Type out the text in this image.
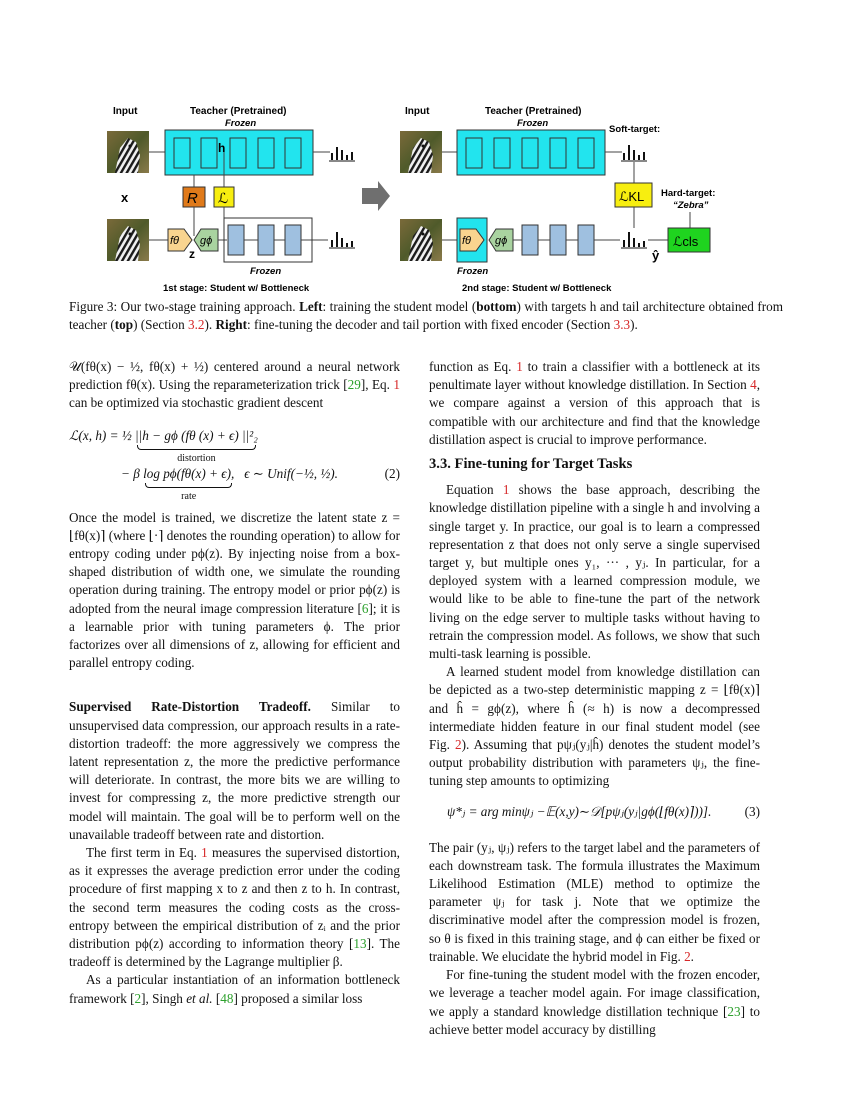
Input	Teacher (Pretrained)
Frozen
h
x	R ℒ
fθ gϕ
z
Frozen
1st stage: Student w/ Bottleneck
Input	Teacher (Pretrained)
Frozen
Soft-target:
ℒKL Hard-target:
“Zebra”
fθ gϕ
ŷ
ℒcls
Frozen
2nd stage: Student w/ Bottleneck
Figure 3: Our two-stage training approach. Left: training the student model (bottom) with targets h and tail architecture obtained from teacher (top) (Section 3.2). Right: fine-tuning the decoder and tail portion with fixed encoder (Section 3.3).

𝒰(fθ(x) − ½, fθ(x) + ½) centered around a neural network prediction fθ(x). Using the reparameterization trick [29], Eq. 1 can be optimized via stochastic gradient descent

ℒ(x, h) = ½ ||h − gϕ (fθ (x) + ϵ) ||²₂
distortion
− β log pϕ(fθ(x) + ϵ),
rate
ϵ ∼ Unif(−½, ½).	(2)

Once the model is trained, we discretize the latent state z = ⌊fθ(x)⌉ (where ⌊·⌉ denotes the rounding operation) to allow for entropy coding under pϕ(z). By injecting noise from a box-shaped distribution of width one, we simulate the rounding operation during training. The entropy model or prior pϕ(z) is adopted from the neural image compression literature [6]; it is a learnable prior with tuning parameters ϕ. The prior factorizes over all dimensions of z, allowing for efficient and parallel entropy coding.

Supervised Rate-Distortion Tradeoff. Similar to unsupervised data compression, our approach results in a rate-distortion tradeoff: the more aggressively we compress the latent representation z, the more the predictive performance will deteriorate. In contrast, the more bits we are willing to invest for compressing z, the more predictive strength our model will maintain. The goal will be to perform well on the unavailable tradeoff between rate and distortion.

The first term in Eq. 1 measures the supervised distortion, as it expresses the average prediction error under the coding procedure of first mapping x to z and then z to h. In contrast, the second term measures the coding costs as the cross-entropy between the empirical distribution of zᵢ and the prior distribution pϕ(z) according to information theory [13]. The tradeoff is determined by the Lagrange multiplier β.

As a particular instantiation of an information bottleneck framework [2], Singh et al. [48] proposed a similar loss

function as Eq. 1 to train a classifier with a bottleneck at its penultimate layer without knowledge distillation. In Section 4, we compare against a version of this approach that is compatible with our architecture and find that the knowledge distillation aspect is crucial to improve performance.

3.3. Fine-tuning for Target Tasks

Equation 1 shows the base approach, describing the knowledge distillation pipeline with a single h and involving a single target y. In practice, our goal is to learn a compressed representation z that does not only serve a single supervised target y, but multiple ones y₁, ··· , yⱼ. In particular, for a deployed system with a learned compression module, we would like to be able to fine-tune the part of the network living on the edge server to multiple tasks without having to retrain the compression model. As follows, we show that such multi-task learning is possible.

A learned student model from knowledge distillation can be depicted as a two-step deterministic mapping z = ⌊fθ(x)⌉ and ĥ = gϕ(z), where ĥ (≈ h) is now a decompressed intermediate hidden feature in our final student model (see Fig. 2). Assuming that pψⱼ(yⱼ|ĥ) denotes the student model’s output probability distribution with parameters ψⱼ, the fine-tuning step amounts to optimizing

ψ*ⱼ = arg minψⱼ −𝔼(x,y)∼𝒟[pψⱼ(yⱼ|gϕ(⌊fθ(x)⌉))].	(3)

The pair (yⱼ, ψⱼ) refers to the target label and the parameters of each downstream task. The formula illustrates the Maximum Likelihood Estimation (MLE) method to optimize the parameter ψⱼ for task j. Note that we optimize the discriminative model after the compression model is frozen, so θ is fixed in this training stage, and ϕ can either be fixed or trainable. We elucidate the hybrid model in Fig. 2.

For fine-tuning the student model with the frozen encoder, we leverage a teacher model again. For image classification, we apply a standard knowledge distillation technique [23] to achieve better model accuracy by distilling
